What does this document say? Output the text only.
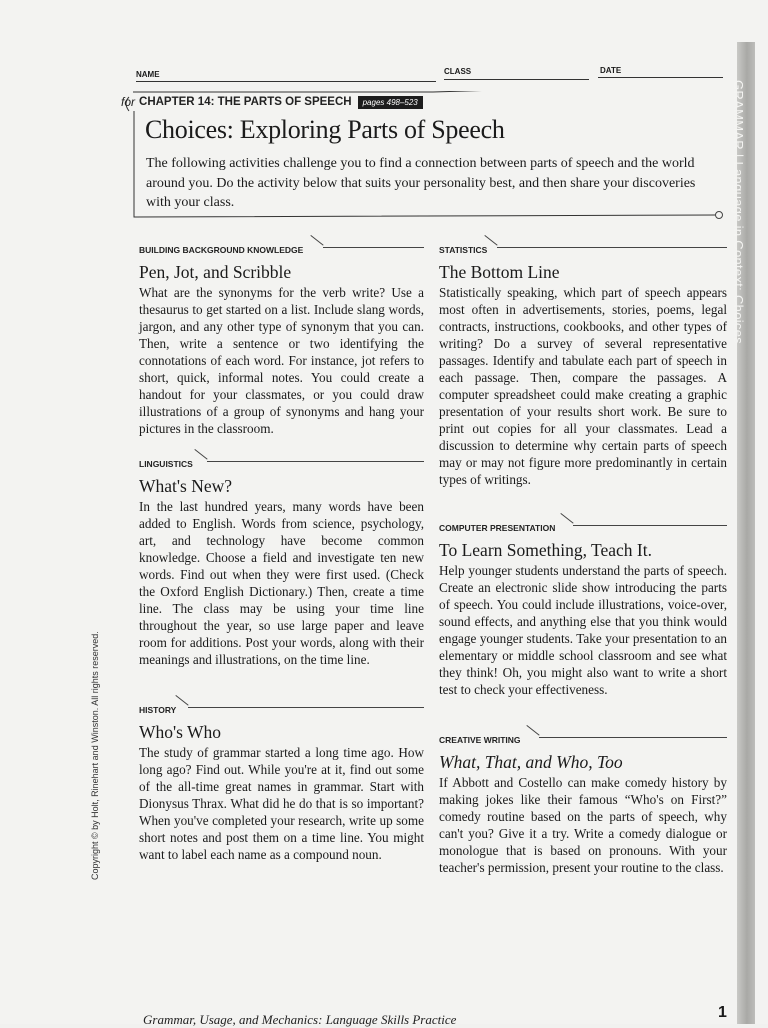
GRAMMAR | Language in Context: Choices
Copyright © by Holt, Rinehart and Winston. All rights reserved.
NAME	CLASS	DATE
for CHAPTER 14: THE PARTS OF SPEECH	pages 498–523
Choices: Exploring Parts of Speech
The following activities challenge you to find a connection between parts of speech and the world around you. Do the activity below that suits your personality best, and then share your discoveries with your class.
BUILDING BACKGROUND KNOWLEDGE
Pen, Jot, and Scribble
What are the synonyms for the verb write? Use a thesaurus to get started on a list. Include slang words, jargon, and any other type of synonym that you can. Then, write a sentence or two identifying the connotations of each word. For instance, jot refers to short, quick, informal notes. You could create a handout for your classmates, or you could draw illustrations of a group of synonyms and hang your pictures in the classroom.
LINGUISTICS
What's New?
In the last hundred years, many words have been added to English. Words from science, psychology, art, and technology have become common knowledge. Choose a field and investigate ten new words. Find out when they were first used. (Check the Oxford English Dictionary.) Then, create a time line. The class may be using your time line throughout the year, so use large paper and leave room for additions. Post your words, along with their meanings and illustrations, on the time line.
HISTORY
Who's Who
The study of grammar started a long time ago. How long ago? Find out. While you're at it, find out some of the all-time great names in grammar. Start with Dionysus Thrax. What did he do that is so important? When you've completed your research, write up some short notes and post them on a time line. You might want to label each name as a compound noun.
STATISTICS
The Bottom Line
Statistically speaking, which part of speech appears most often in advertisements, stories, poems, legal contracts, instructions, cookbooks, and other types of writing? Do a survey of several representative passages. Identify and tabulate each part of speech in each passage. Then, compare the passages. A computer spreadsheet could make creating a graphic presentation of your results short work. Be sure to print out copies for all your classmates. Lead a discussion to determine why certain parts of speech may or may not figure more predominantly in certain types of writings.
COMPUTER PRESENTATION
To Learn Something, Teach It.
Help younger students understand the parts of speech. Create an electronic slide show introducing the parts of speech. You could include illustrations, voice-over, sound effects, and anything else that you think would engage younger students. Take your presentation to an elementary or middle school classroom and see what they think! Oh, you might also want to write a short test to check your effectiveness.
CREATIVE WRITING
What, That, and Who, Too
If Abbott and Costello can make comedy history by making jokes like their famous “Who's on First?” comedy routine based on the parts of speech, why can't you? Give it a try. Write a comedy dialogue or monologue that is based on pronouns. With your teacher's permission, present your routine to the class.
Grammar, Usage, and Mechanics: Language Skills Practice	1
